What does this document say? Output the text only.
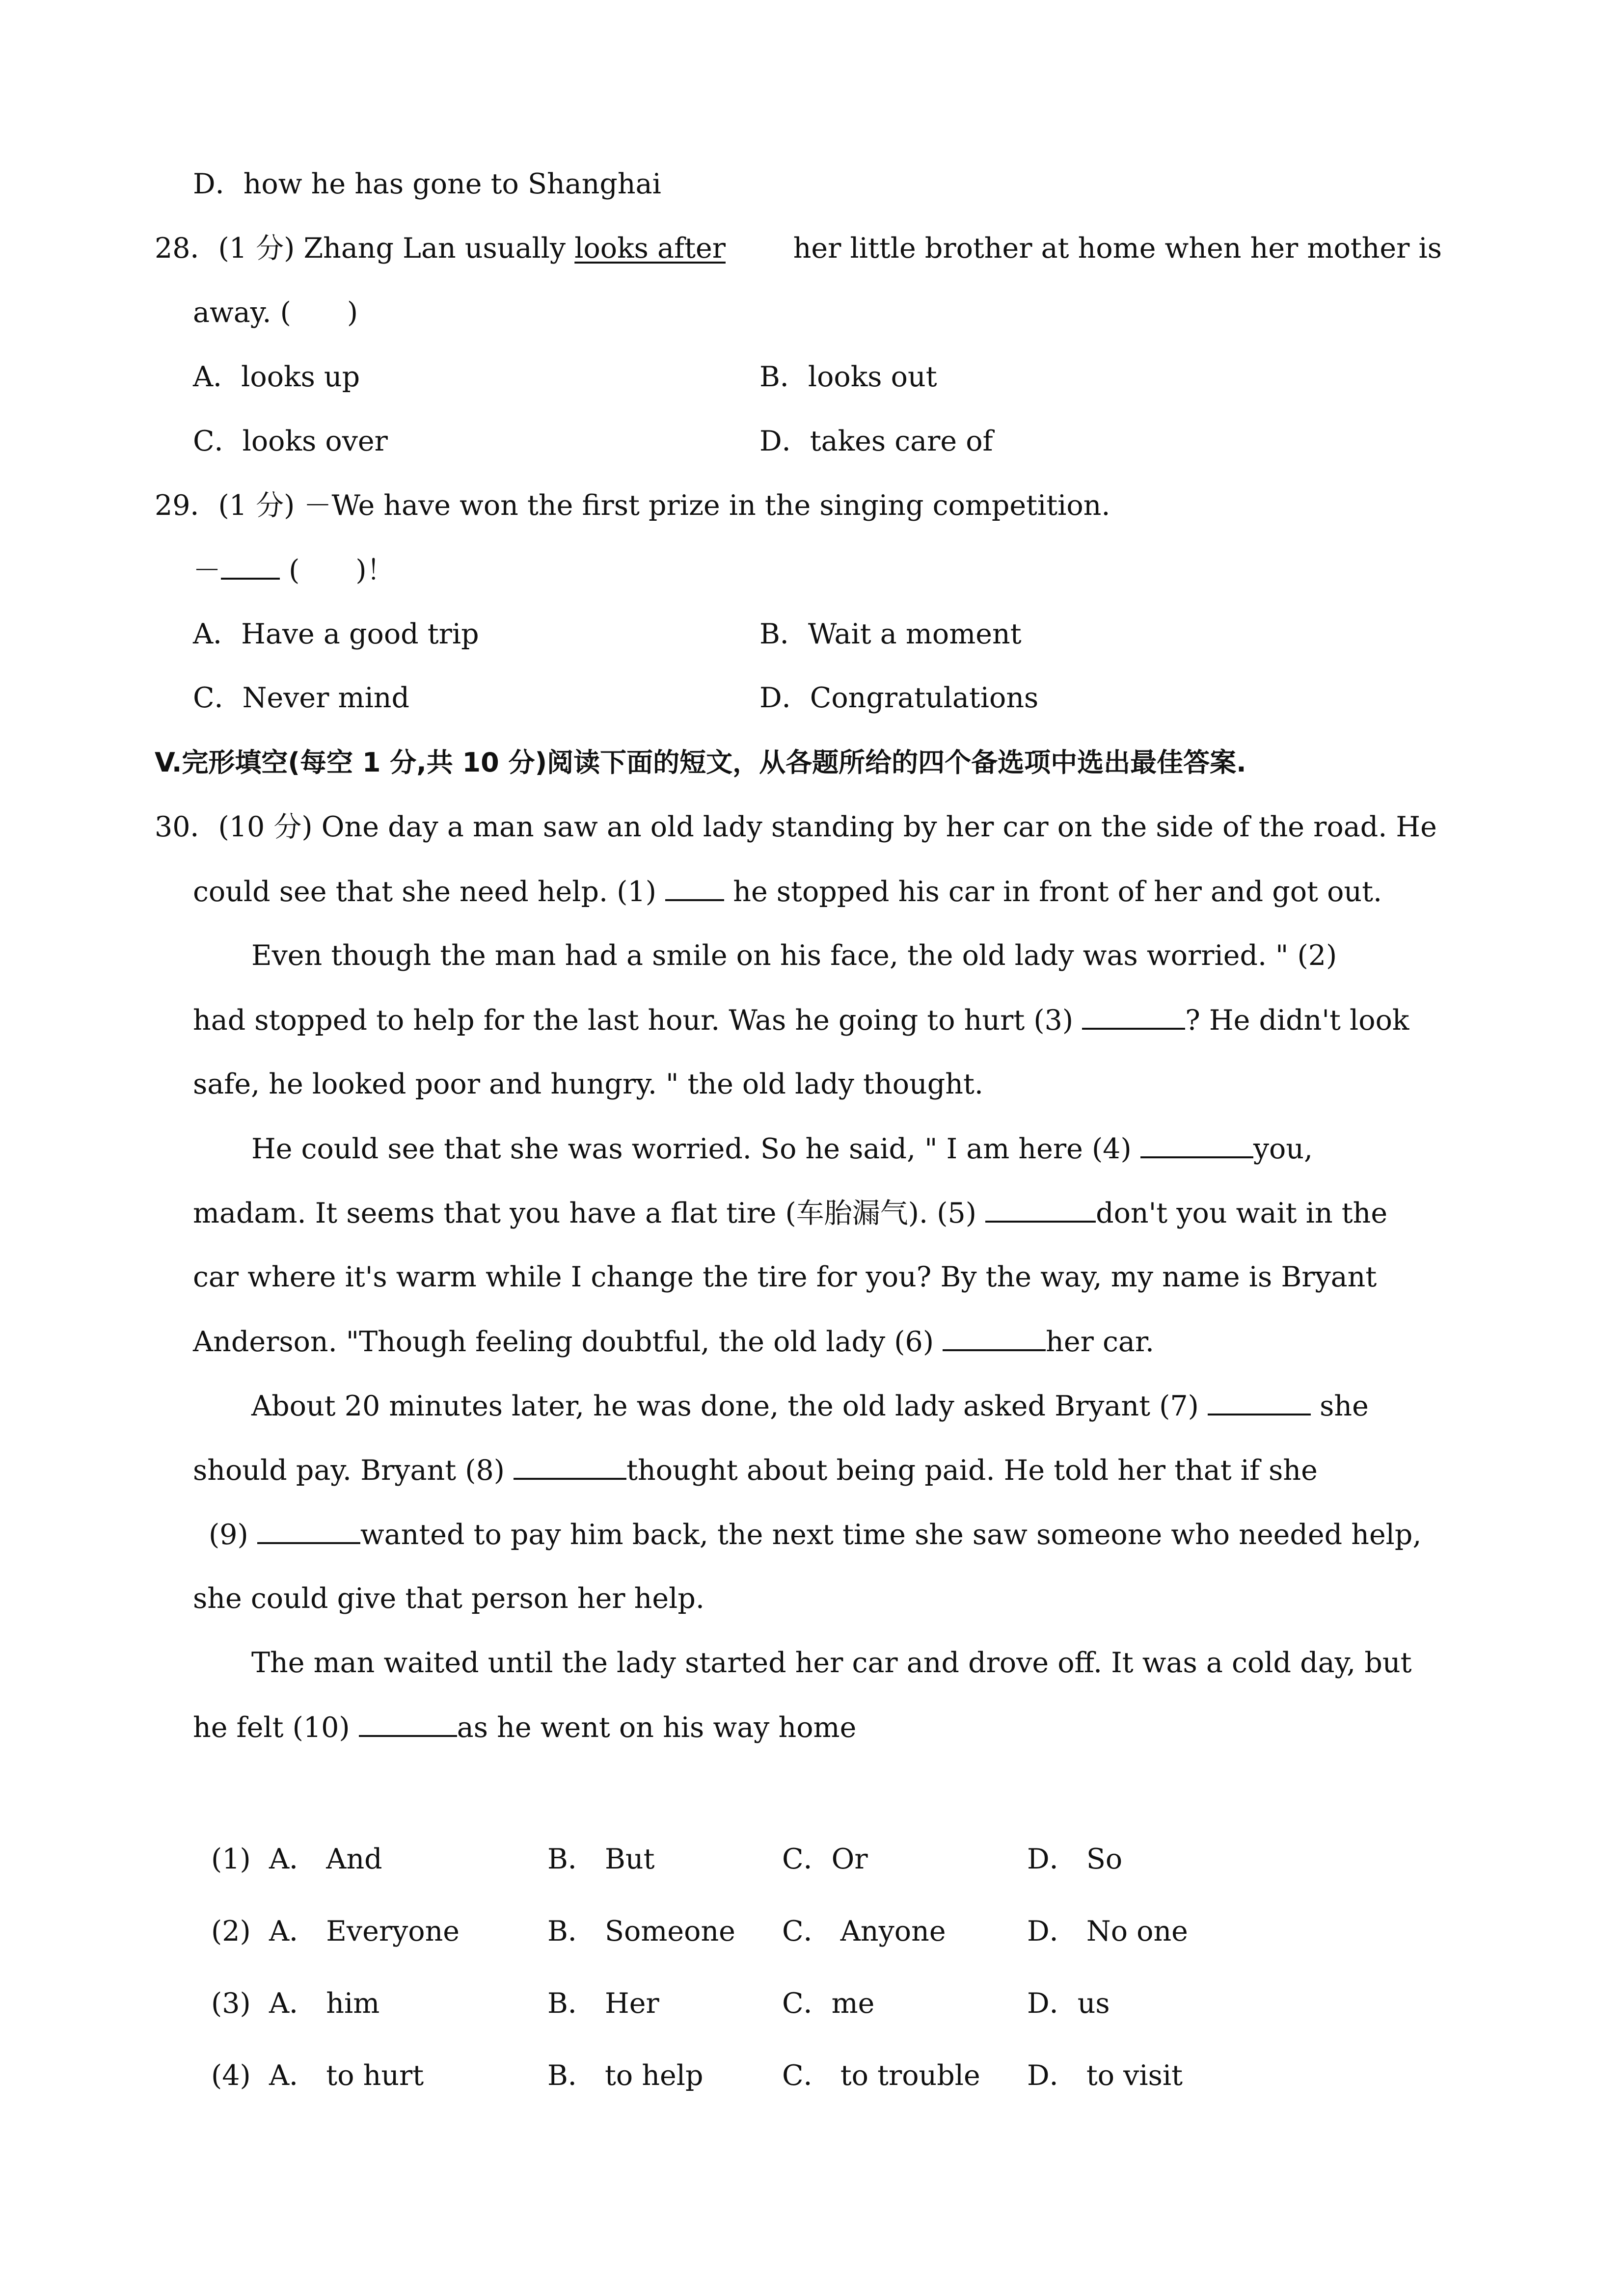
D．how he has gone to Shanghai
28．(1 分) Zhang Lan usually looks after her little brother at home when her mother is
away. (　　)
A．looks up	B．looks out
C．looks over	D．takes care of
29．(1 分) －We have won the first prize in the singing competition.
－ (　　)！
A．Have a good trip	B．Wait a moment
C．Never mind	D．Congratulations
V.完形填空(每空 1 分,共 10 分)阅读下面的短文，从各题所给的四个备选项中选出最佳答案.
30．(10 分) One day a man saw an old lady standing by her car on the side of the road. He
could see that she need help. (1)  he stopped his car in front of her and got out.
Even though the man had a smile on his face, the old lady was worried. " (2)
had stopped to help for the last hour. Was he going to hurt (3)	? He didn't look
safe, he looked poor and hungry. " the old lady thought.
He could see that she was worried. So he said, " I am here (4)	you,
madam. It seems that you have a flat tire (车胎漏气). (5)	don't you wait in the
car where it's warm while I change the tire for you? By the way, my name is Bryant
Anderson. "Though feeling doubtful, the old lady (6)	her car.
About 20 minutes later, he was done, the old lady asked Bryant (7)	she
should pay. Bryant (8)	thought about being paid. He told her that if she
(9)	wanted to pay him back, the next time she saw someone who needed help,
she could give that person her help.
The man waited until the lady started her car and drove off. It was a cold day, but
he felt (10)	as he went on his way home
(1) A． And	B． But	C．Or	D． So
(2) A． Everyone	B． Someone C． Anyone	D． No one
(3) A． him	B． Her	C．me	D．us
(4) A． to hurt	B． to help	C． to trouble D． to visit
